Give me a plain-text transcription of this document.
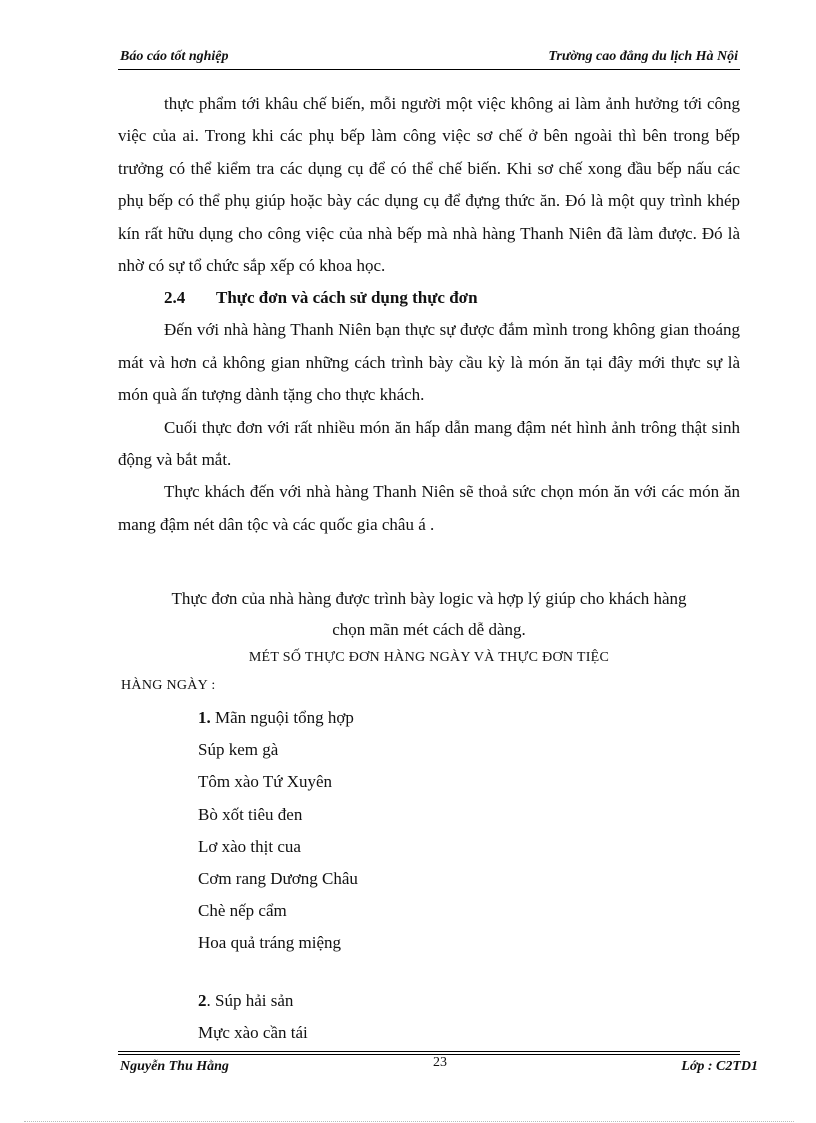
Báo cáo tốt nghiệp	Trường cao đẳng du lịch Hà Nội

thực phẩm tới khâu chế biến, mỗi người một việc không ai làm ảnh hưởng tới công việc của ai. Trong khi các phụ bếp làm công việc sơ chế ở bên ngoài thì bên trong bếp trưởng có thể kiểm tra các dụng cụ để có thể chế biến. Khi sơ chế xong đầu bếp nấu các phụ bếp có thể phụ giúp hoặc bày các dụng cụ để đựng thức ăn. Đó là một quy trình khép kín rất hữu dụng cho công việc của nhà bếp mà nhà hàng Thanh Niên đã làm được. Đó là nhờ có sự tổ chức sắp xếp có khoa học.

2.4 Thực đơn và cách sử dụng thực đơn

Đến với nhà hàng Thanh Niên bạn thực sự được đắm mình trong không gian thoáng mát và hơn cả không gian những cách trình bày cầu kỳ là món ăn tại đây mới thực sự là món quà ấn tượng dành tặng cho thực khách.

Cuối thực đơn với rất nhiều món ăn hấp dẫn mang đậm nét hình ảnh trông thật sinh động và bắt mắt.

Thực khách đến với nhà hàng Thanh Niên sẽ thoả sức chọn món ăn với các món ăn mang đậm nét dân tộc và các quốc gia châu á .

Thực đơn của nhà hàng được trình bày logic và hợp lý giúp cho khách hàng
chọn mãn mét cách dễ dàng.
MÉT SỐ THỰC ĐƠN HÀNG NGÀY VÀ THỰC ĐƠN TIỆC
HÀNG NGÀY :
1. Mãn nguội tổng hợp
Súp kem gà
Tôm xào Tứ Xuyên
Bò xốt tiêu đen
Lơ xào thịt cua
Cơm rang Dương Châu
Chè nếp cẩm
Hoa quả tráng miệng
2. Súp hải sản
Mực xào cần tái
Nguyễn Thu Hằng	23	Lớp : C2TD1
